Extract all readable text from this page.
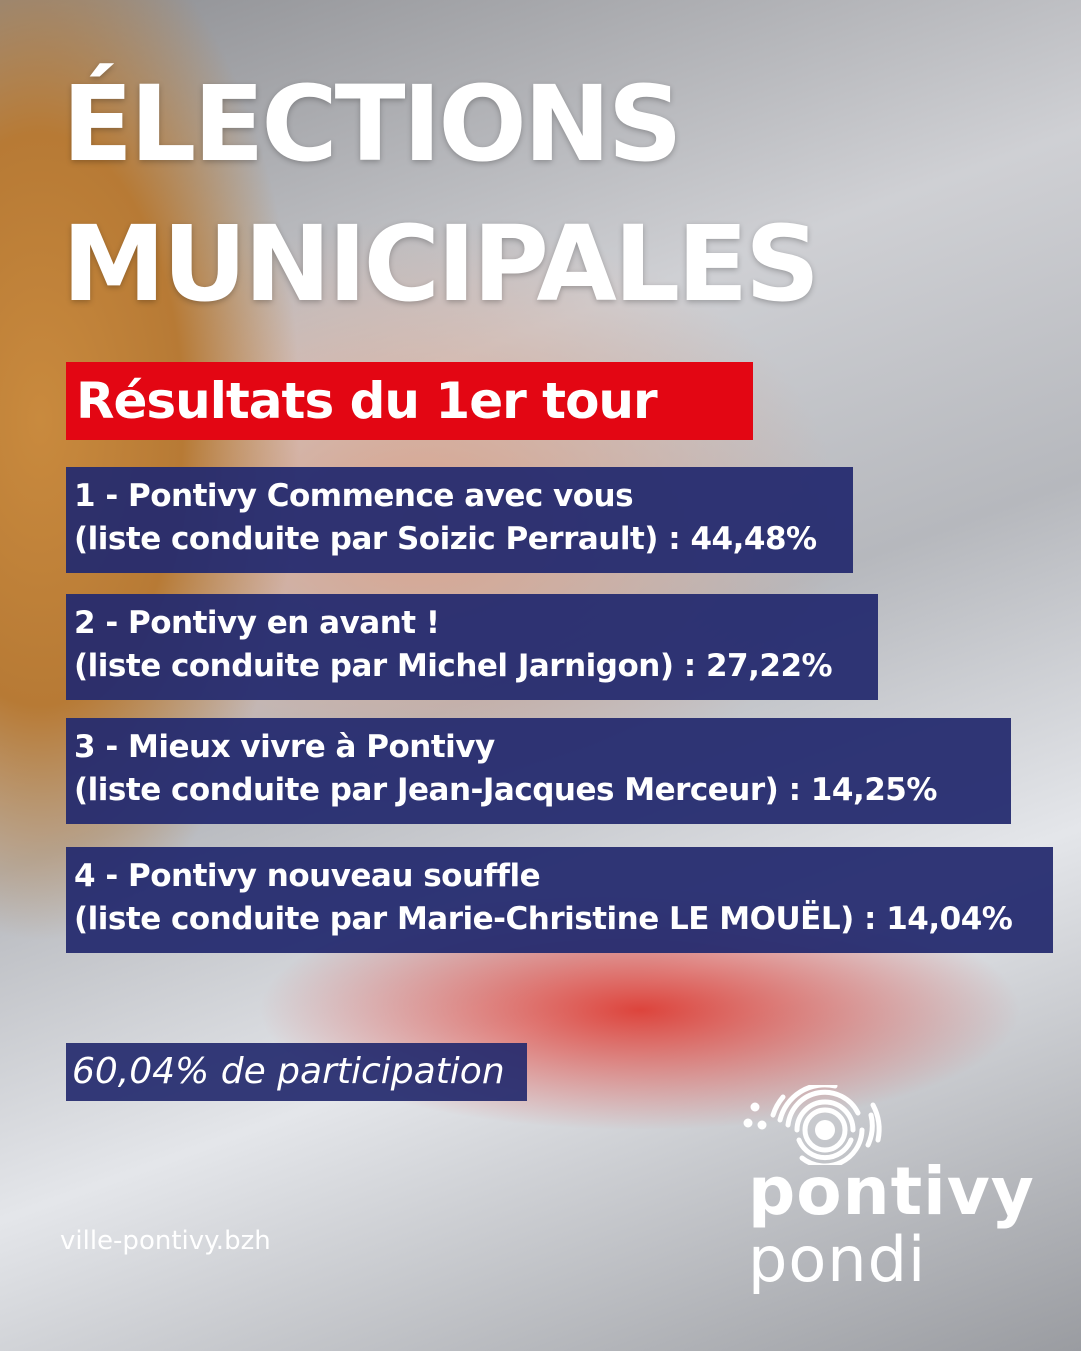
ÉLECTIONS
MUNICIPALES
Résultats du 1er tour
1 - Pontivy Commence avec vous
(liste conduite par Soizic Perrault) : 44,48%
2 - Pontivy en avant !
(liste conduite par Michel Jarnigon) : 27,22%
3 - Mieux vivre à Pontivy
(liste conduite par Jean-Jacques Merceur) : 14,25%
4 - Pontivy nouveau souffle
(liste conduite par Marie-Christine LE MOUËL) : 14,04%
60,04% de participation
ville-pontivy.bzh
pontivy
pondi
